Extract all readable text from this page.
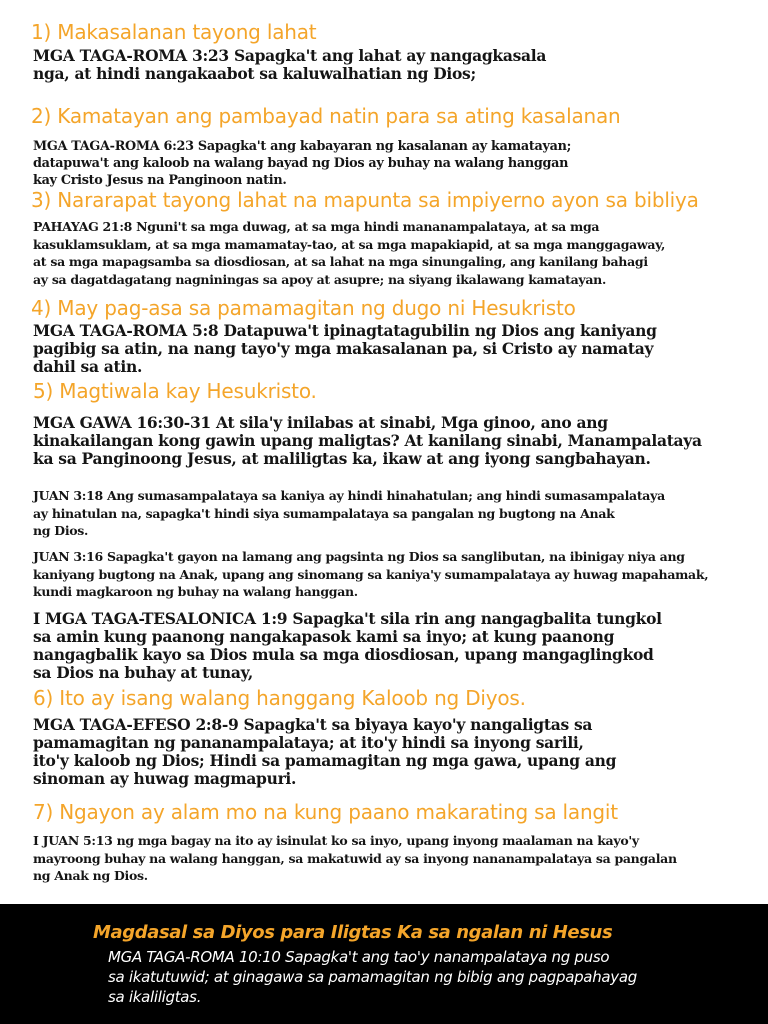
1) Makasalanan tayong lahat
MGA TAGA-ROMA 3:23 Sapagka't ang lahat ay nangagkasala
nga, at hindi nangakaabot sa kaluwalhatian ng Dios;
2) Kamatayan ang pambayad natin para sa ating kasalanan
MGA TAGA-ROMA 6:23 Sapagka't ang kabayaran ng kasalanan ay kamatayan;
datapuwa't ang kaloob na walang bayad ng Dios ay buhay na walang hanggan
kay Cristo Jesus na Panginoon natin.
3) Nararapat tayong lahat na mapunta sa impiyerno ayon sa bibliya
PAHAYAG 21:8 Nguni't sa mga duwag, at sa mga hindi mananampalataya, at sa mga
kasuklamsuklam, at sa mga mamamatay-tao, at sa mga mapakiapid, at sa mga manggagaway,
at sa mga mapagsamba sa diosdiosan, at sa lahat na mga sinungaling, ang kanilang bahagi
ay sa dagatdagatang nagniningas sa apoy at asupre; na siyang ikalawang kamatayan.
4) May pag-asa sa pamamagitan ng dugo ni Hesukristo
MGA TAGA-ROMA 5:8 Datapuwa't ipinagtatagubilin ng Dios ang kaniyang
pagibig sa atin, na nang tayo'y mga makasalanan pa, si Cristo ay namatay
dahil sa atin.
5) Magtiwala kay Hesukristo.
MGA GAWA 16:30-31 At sila'y inilabas at sinabi, Mga ginoo, ano ang
kinakailangan kong gawin upang maligtas? At kanilang sinabi, Manampalataya
ka sa Panginoong Jesus, at maliligtas ka, ikaw at ang iyong sangbahayan.
JUAN 3:18 Ang sumasampalataya sa kaniya ay hindi hinahatulan; ang hindi sumasampalataya
ay hinatulan na, sapagka't hindi siya sumampalataya sa pangalan ng bugtong na Anak
ng Dios.
JUAN 3:16 Sapagka't gayon na lamang ang pagsinta ng Dios sa sanglibutan, na ibinigay niya ang
kaniyang bugtong na Anak, upang ang sinomang sa kaniya'y sumampalataya ay huwag mapahamak,
kundi magkaroon ng buhay na walang hanggan.
I MGA TAGA-TESALONICA 1:9 Sapagka't sila rin ang nangagbalita tungkol
sa amin kung paanong nangakapasok kami sa inyo; at kung paanong
nangagbalik kayo sa Dios mula sa mga diosdiosan, upang mangaglingkod
sa Dios na buhay at tunay,
6) Ito ay isang walang hanggang Kaloob ng Diyos.
MGA TAGA-EFESO 2:8-9 Sapagka't sa biyaya kayo'y nangaligtas sa
pamamagitan ng pananampalataya; at ito'y hindi sa inyong sarili,
ito'y kaloob ng Dios; Hindi sa pamamagitan ng mga gawa, upang ang
sinoman ay huwag magmapuri.
7) Ngayon ay alam mo na kung paano makarating sa langit
I JUAN 5:13 ng mga bagay na ito ay isinulat ko sa inyo, upang inyong maalaman na kayo'y
mayroong buhay na walang hanggan, sa makatuwid ay sa inyong nananampalataya sa pangalan
ng Anak ng Dios.
Magdasal sa Diyos para Iligtas Ka sa ngalan ni Hesus
MGA TAGA-ROMA 10:10 Sapagka't ang tao'y nanampalataya ng puso
sa ikatutuwid; at ginagawa sa pamamagitan ng bibig ang pagpapahayag
sa ikaliligtas.
